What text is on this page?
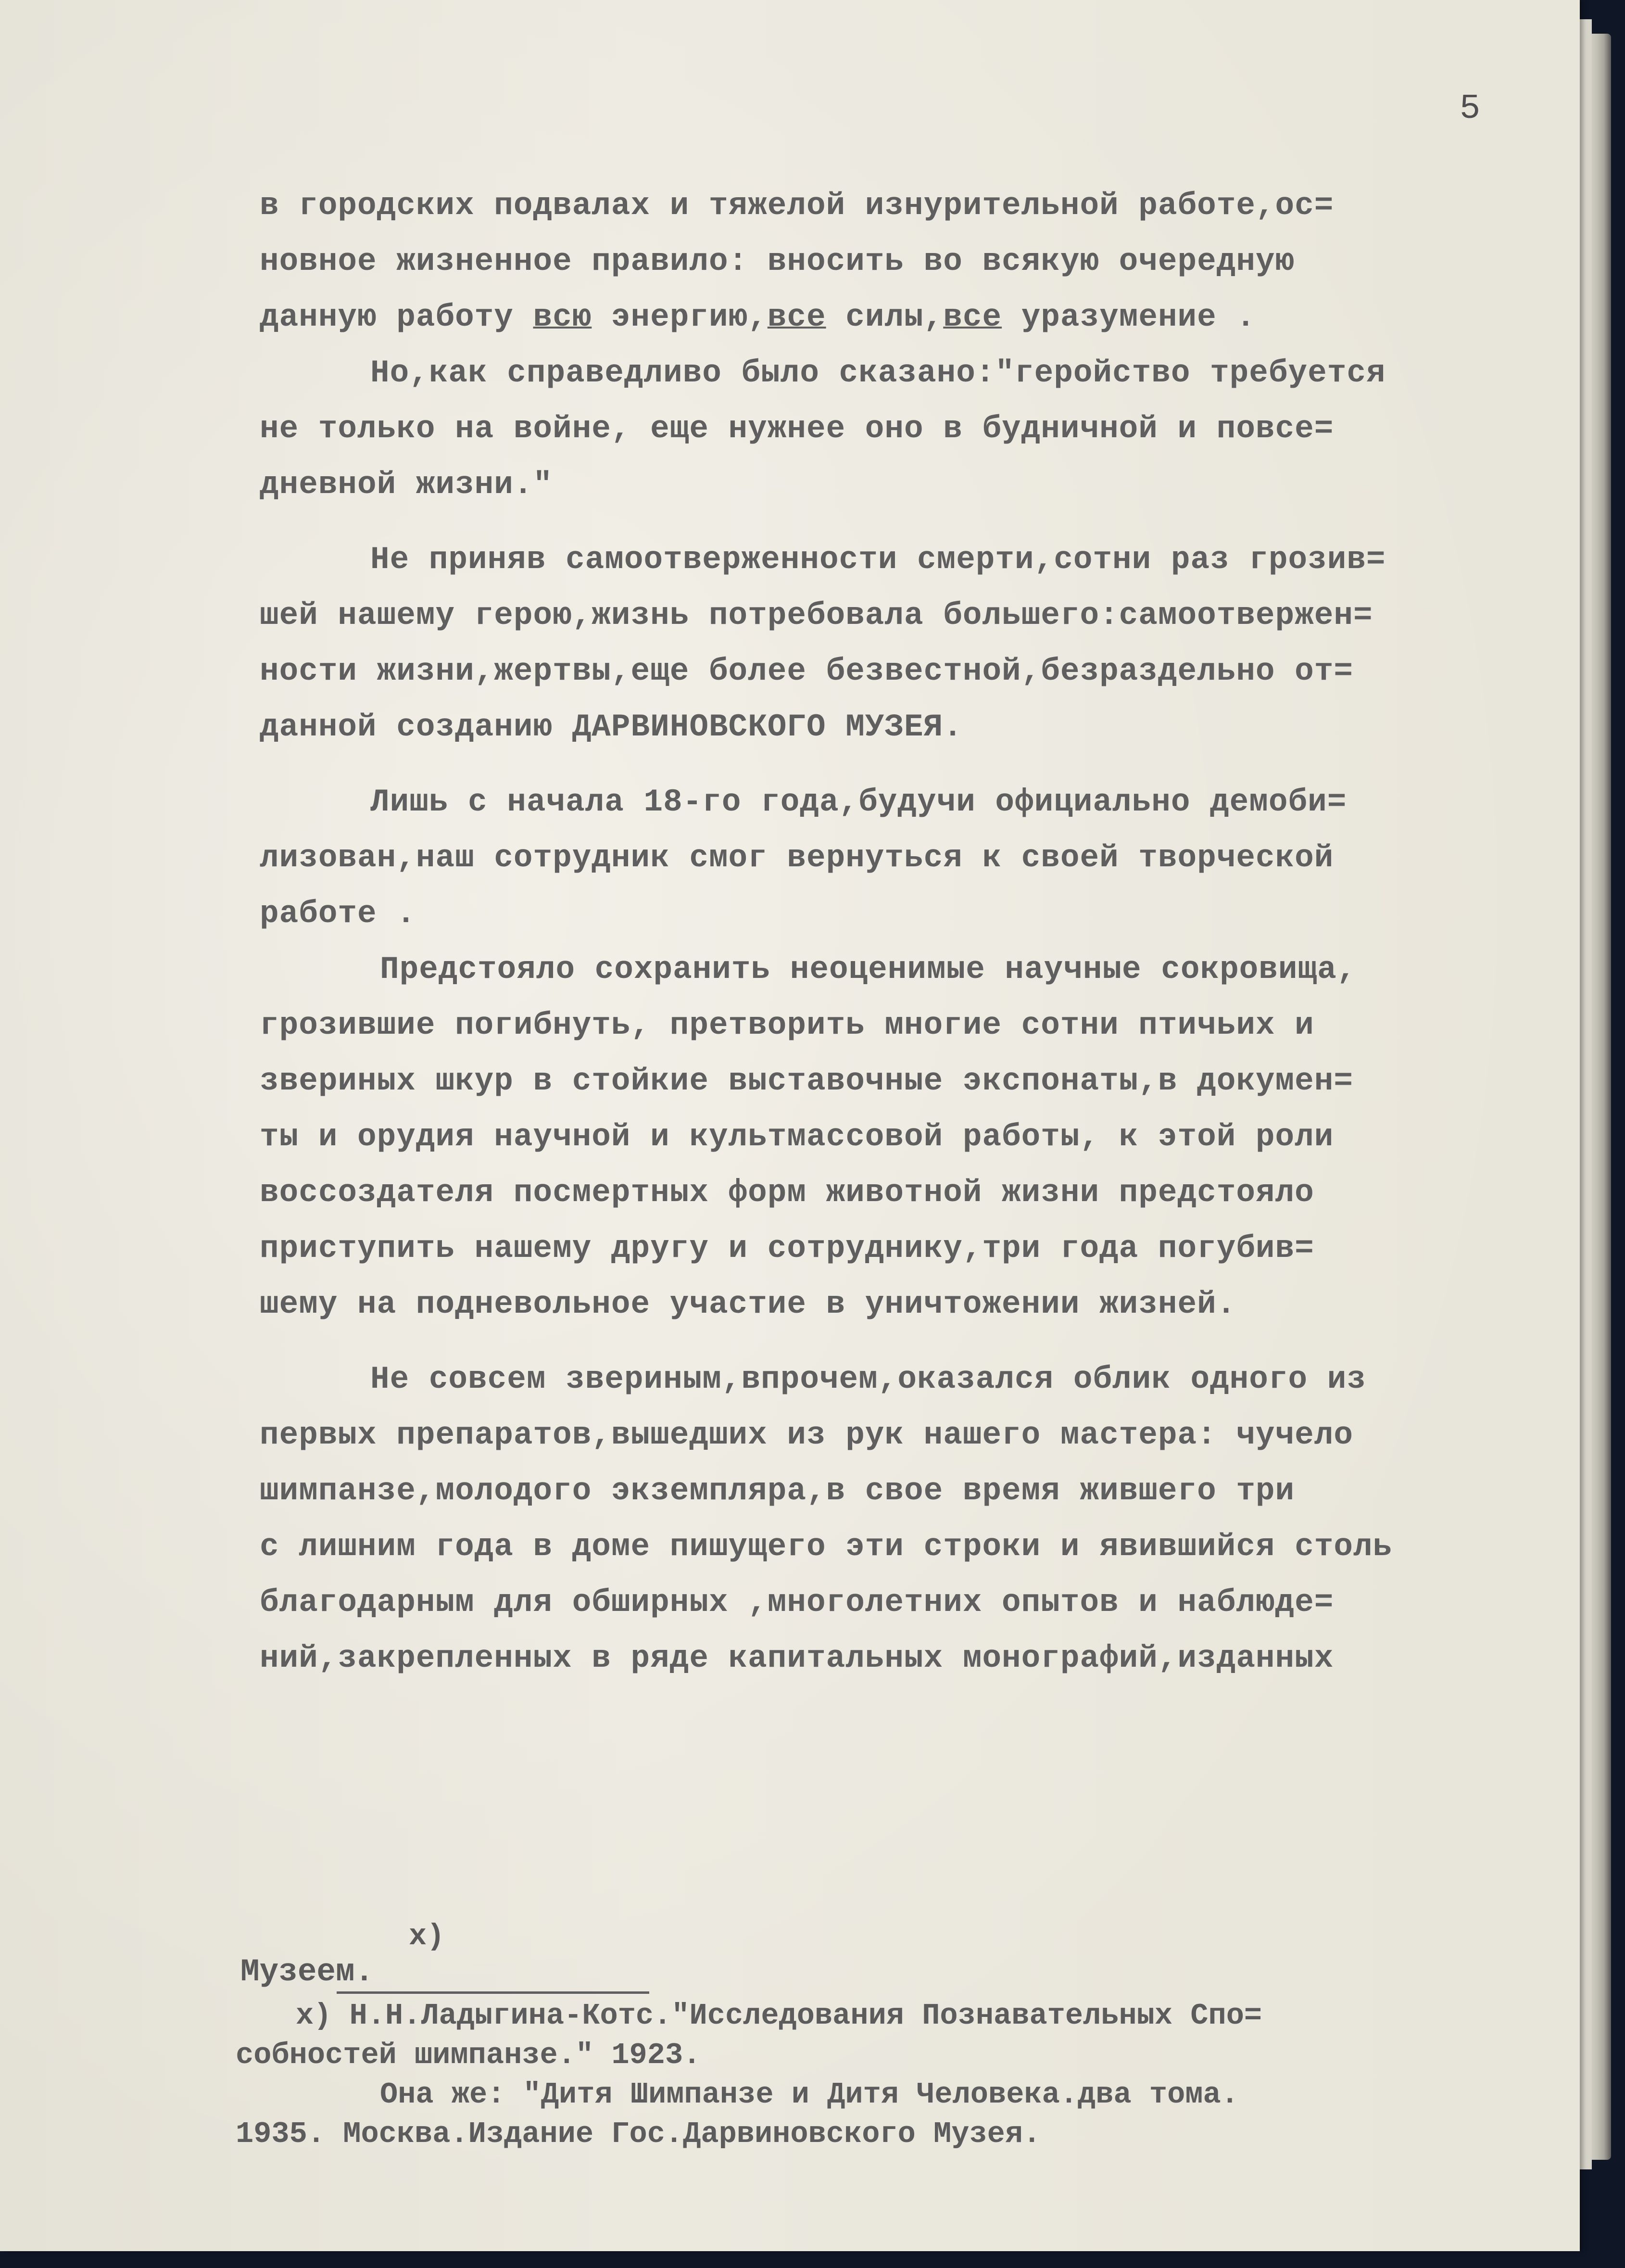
5
в городских подвалах и тяжелой изнурительной работе,ос=
новное жизненное правило: вносить во всякую очередную
данную работу всю энергию,все силы,все уразумение .
Но,как справедливо было сказано:"геройство требуется
не только на войне, еще нужнее оно в будничной и повсе=
дневной жизни."
Не приняв самоотверженности смерти,сотни раз грозив=
шей нашему герою,жизнь потребовала большего:самоотвержен=
ности жизни,жертвы,еще более безвестной,безраздельно от=
данной созданию ДАРВИНОВСКОГО МУЗЕЯ.
Лишь с начала 18-го года,будучи официально демоби=
лизован,наш сотрудник смог вернуться к своей творческой
работе .
Предстояло сохранить неоценимые научные сокровища,
грозившие погибнуть, претворить многие сотни птичьих и
звериных шкур в стойкие выставочные экспонаты,в докумен=
ты и орудия научной и культмассовой работы, к этой роли
воссоздателя посмертных форм животной жизни предстояло
приступить нашему другу и сотруднику,три года погубив=
шему на подневольное участие в уничтожении жизней.
Не совсем звериным,впрочем,оказался облик одного из
первых препаратов,вышедших из рук нашего мастера: чучело
шимпанзе,молодого экземпляра,в свое время жившего три
с лишним года в доме пишущего эти строки и явившийся столь
благодарным для обширных ,многолетних опытов и наблюде=
ний,закрепленных в ряде капитальных монографий,изданных
x)
Музеем.
x) Н.Н.Ладыгина-Котс."Исследования Познавательных Спо=
собностей шимпанзе." 1923.
Она же: "Дитя Шимпанзе и Дитя Человека.два тома.
1935. Москва.Издание Гос.Дарвиновского Музея.
